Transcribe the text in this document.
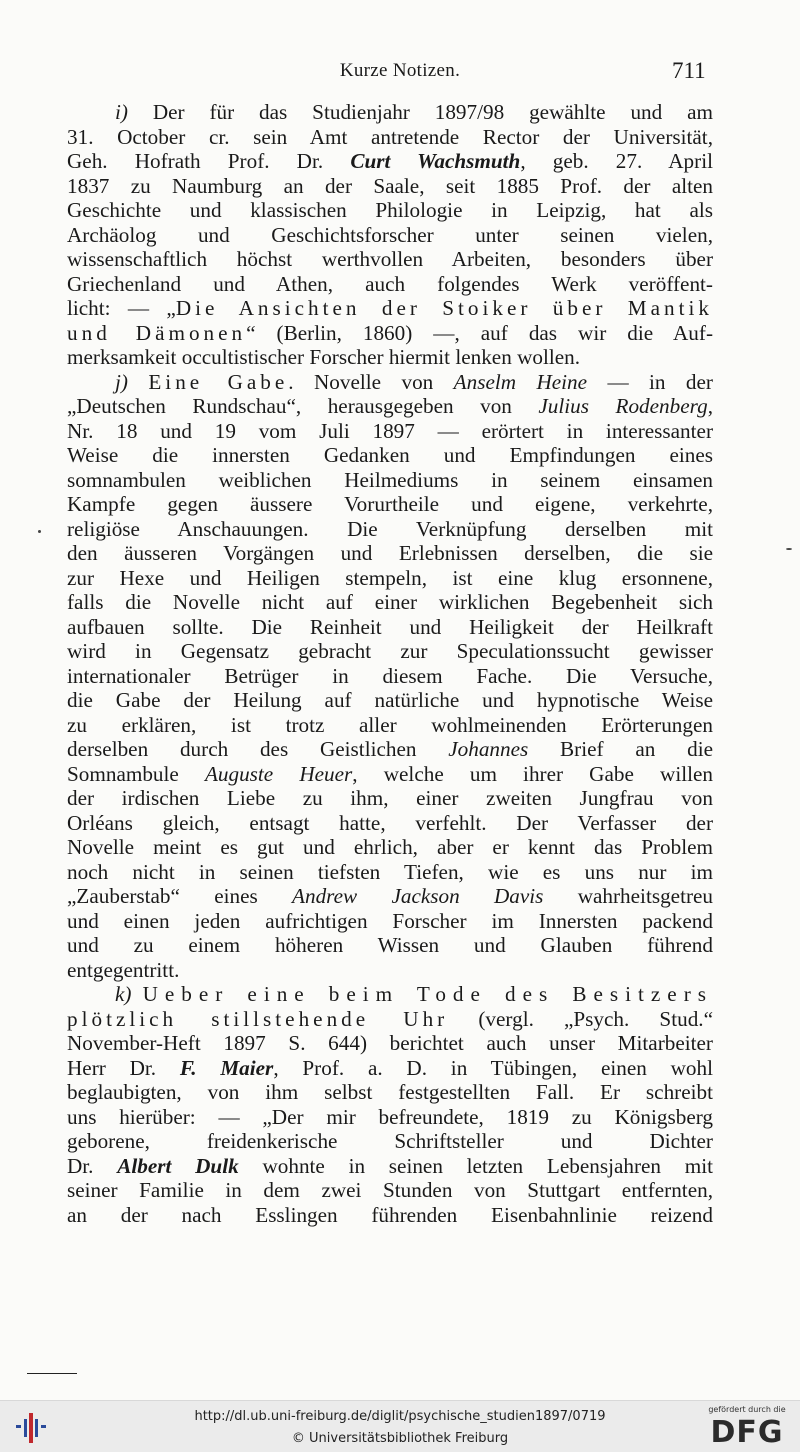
Kurze Notizen.	711
i) Der für das Studienjahr 1897/98 gewählte und am
31. October cr. sein Amt antretende Rector der Universität,
Geh. Hofrath Prof. Dr. Curt Wachsmuth, geb. 27. April
1837 zu Naumburg an der Saale, seit 1885 Prof. der alten
Geschichte und klassischen Philologie in Leipzig, hat als
Archäolog und Geschichtsforscher unter seinen vielen,
wissenschaftlich höchst werthvollen Arbeiten, besonders über
Griechenland und Athen, auch folgendes Werk veröffent-
licht: — „Die Ansichten der Stoiker über Mantik
und Dämonen“ (Berlin, 1860) —, auf das wir die Auf-
merksamkeit occultistischer Forscher hiermit lenken wollen.
j) Eine Gabe. Novelle von Anselm Heine — in der
„Deutschen Rundschau“, herausgegeben von Julius Rodenberg,
Nr. 18 und 19 vom Juli 1897 — erörtert in interessanter
Weise die innersten Gedanken und Empfindungen eines
somnambulen weiblichen Heilmediums in seinem einsamen
Kampfe gegen äussere Vorurtheile und eigene, verkehrte,
religiöse Anschauungen. Die Verknüpfung derselben mit
den äusseren Vorgängen und Erlebnissen derselben, die sie
zur Hexe und Heiligen stempeln, ist eine klug ersonnene,
falls die Novelle nicht auf einer wirklichen Begebenheit sich
aufbauen sollte. Die Reinheit und Heiligkeit der Heilkraft
wird in Gegensatz gebracht zur Speculationssucht gewisser
internationaler Betrüger in diesem Fache. Die Versuche,
die Gabe der Heilung auf natürliche und hypnotische Weise
zu erklären, ist trotz aller wohlmeinenden Erörterungen
derselben durch des Geistlichen Johannes Brief an die
Somnambule Auguste Heuer, welche um ihrer Gabe willen
der irdischen Liebe zu ihm, einer zweiten Jungfrau von
Orléans gleich, entsagt hatte, verfehlt. Der Verfasser der
Novelle meint es gut und ehrlich, aber er kennt das Problem
noch nicht in seinen tiefsten Tiefen, wie es uns nur im
„Zauberstab“ eines Andrew Jackson Davis wahrheitsgetreu
und einen jeden aufrichtigen Forscher im Innersten packend
und zu einem höheren Wissen und Glauben führend
entgegentritt.
k) Ueber eine beim Tode des Besitzers
plötzlich stillstehende Uhr (vergl. „Psych. Stud.“
November-Heft 1897 S. 644) berichtet auch unser Mitarbeiter
Herr Dr. F. Maier, Prof. a. D. in Tübingen, einen wohl
beglaubigten, von ihm selbst festgestellten Fall. Er schreibt
uns hierüber: — „Der mir befreundete, 1819 zu Königsberg
geborene, freidenkerische Schriftsteller und Dichter
Dr. Albert Dulk wohnte in seinen letzten Lebensjahren mit
seiner Familie in dem zwei Stunden von Stuttgart entfernten,
an der nach Esslingen führenden Eisenbahnlinie reizend
http://dl.ub.uni-freiburg.de/diglit/psychische_studien1897/0719
© Universitätsbibliothek Freiburg
gefördert durch die
DFG
